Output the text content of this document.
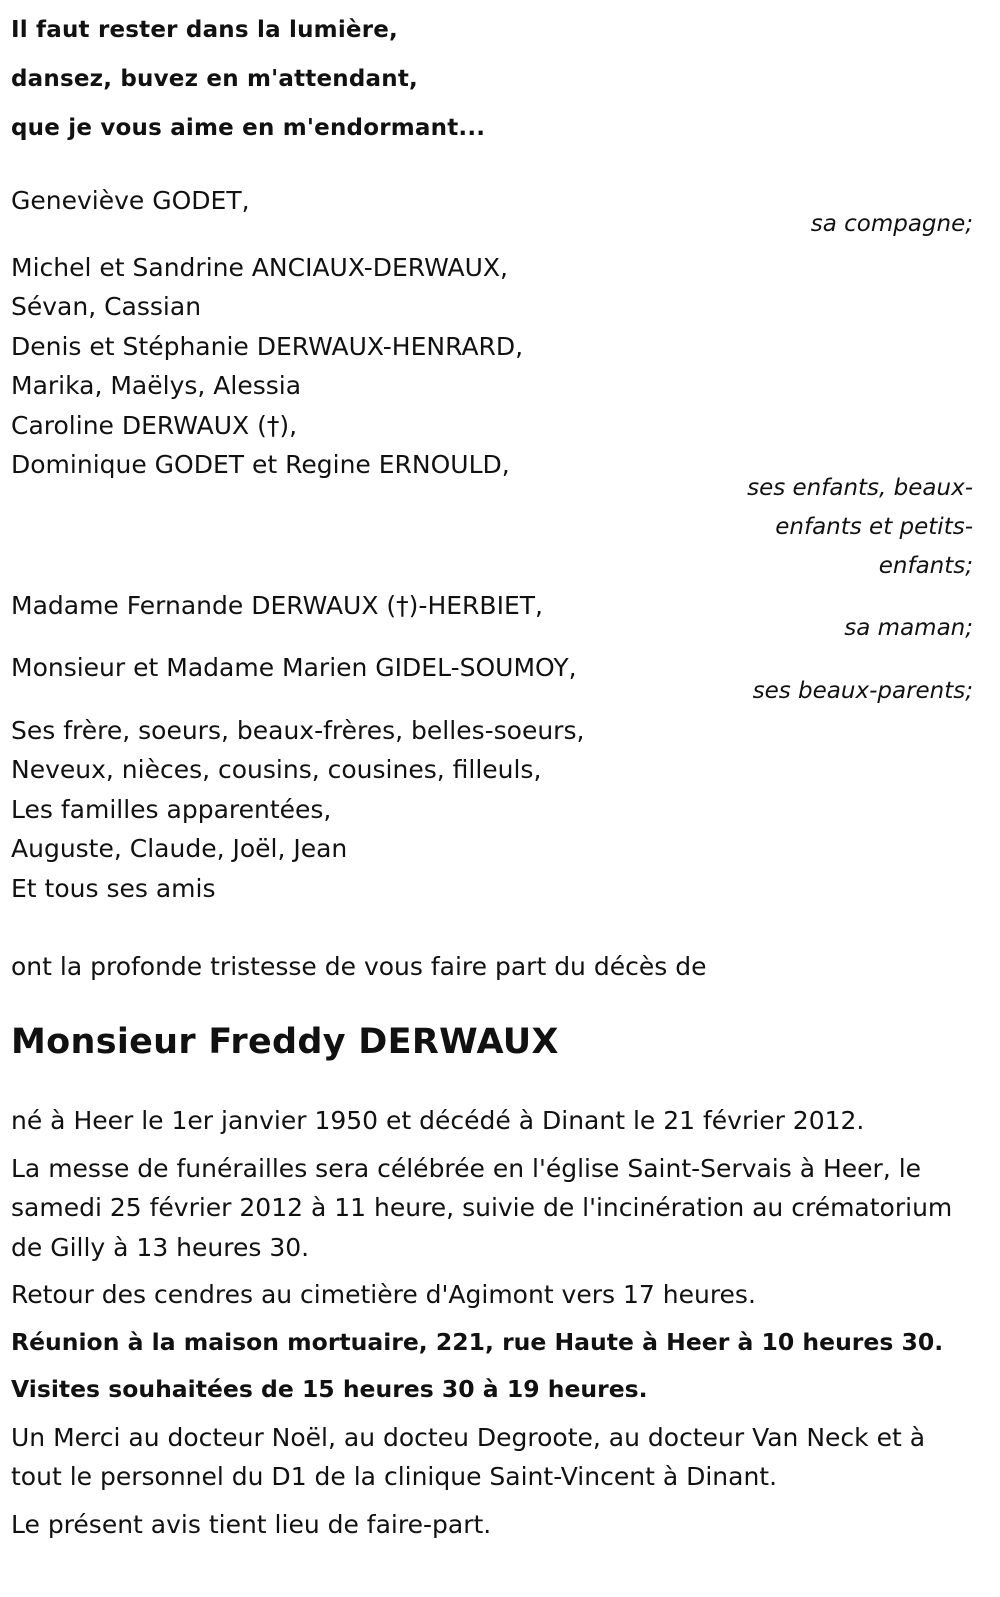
Il faut rester dans la lumière,

dansez, buvez en m'attendant,

que je vous aime en m'endormant...

Geneviève GODET,
sa compagne;
Michel et Sandrine ANCIAUX-DERWAUX,
Sévan, Cassian
Denis et Stéphanie DERWAUX-HENRARD,
Marika, Maëlys, Alessia
Caroline DERWAUX (†),
Dominique GODET et Regine ERNOULD,
ses enfants, beaux-
enfants et petits-
enfants;
Madame Fernande DERWAUX (†)-HERBIET,
sa maman;
Monsieur et Madame Marien GIDEL-SOUMOY,
ses beaux-parents;
Ses frère, soeurs, beaux-frères, belles-soeurs,
Neveux, nièces, cousins, cousines, filleuls,
Les familles apparentées,
Auguste, Claude, Joël, Jean
Et tous ses amis

ont la profonde tristesse de vous faire part du décès de

Monsieur Freddy DERWAUX

né à Heer le 1er janvier 1950 et décédé à Dinant le 21 février 2012.

La messe de funérailles sera célébrée en l'église Saint-Servais à Heer, le samedi 25 février 2012 à 11 heure, suivie de l'incinération au crématorium de Gilly à 13 heures 30.

Retour des cendres au cimetière d'Agimont vers 17 heures.

Réunion à la maison mortuaire, 221, rue Haute à Heer à 10 heures 30.

Visites souhaitées de 15 heures 30 à 19 heures.

Un Merci au docteur Noël, au docteu Degroote, au docteur Van Neck et à tout le personnel du D1 de la clinique Saint-Vincent à Dinant.

Le présent avis tient lieu de faire-part.
